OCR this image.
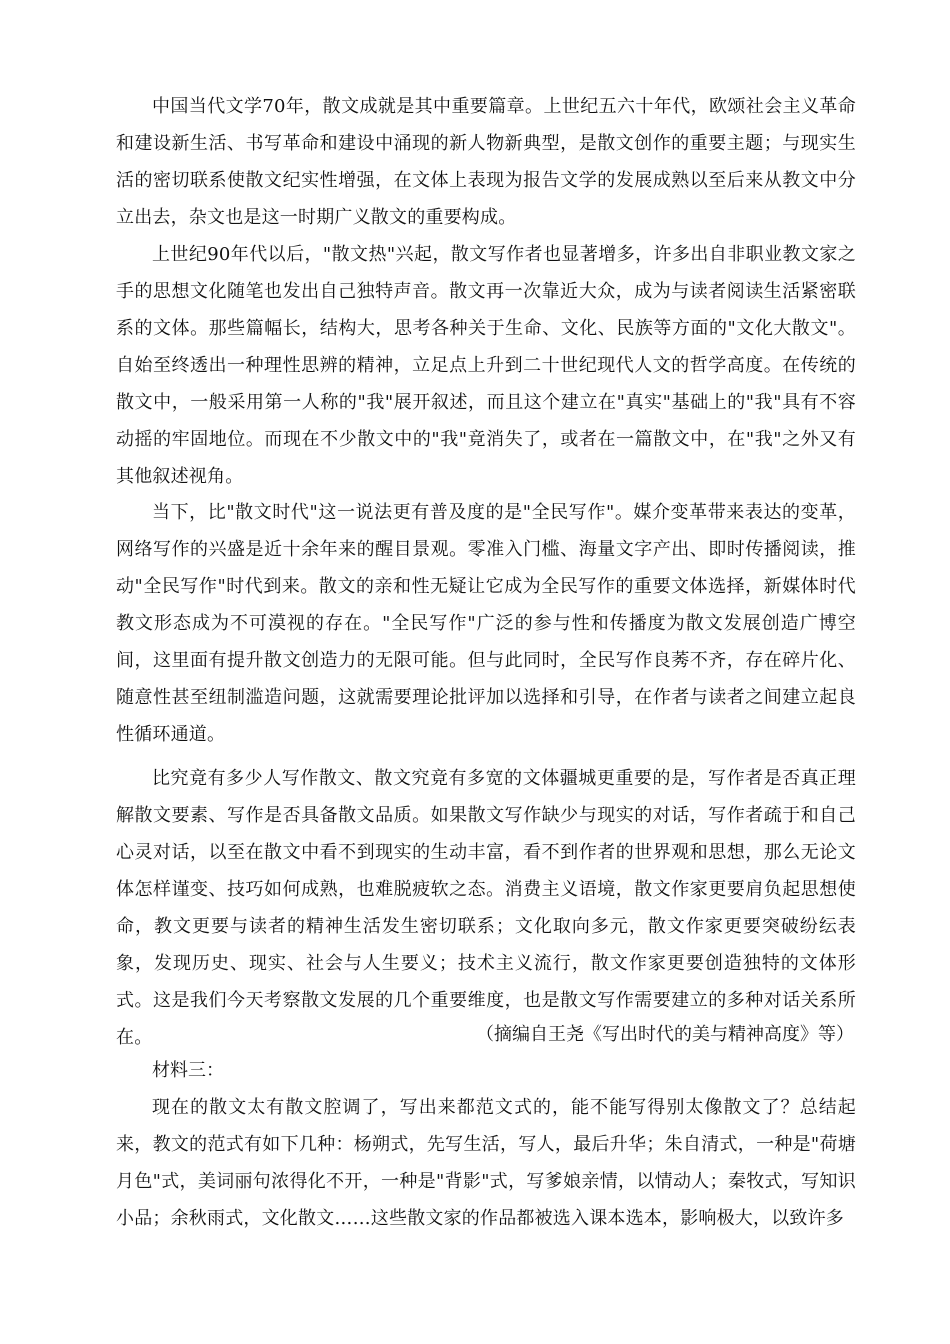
中国当代文学70年，散文成就是其中重要篇章。上世纪五六十年代，欧颂社会主义革命和建设新生活、书写革命和建设中涌现的新人物新典型，是散文创作的重要主题；与现实生活的密切联系使散文纪实性增强，在文体上表现为报告文学的发展成熟以至后来从教文中分立出去，杂文也是这一时期广义散文的重要构成。

上世纪90年代以后，"散文热"兴起，散文写作者也显著增多，许多出自非职业教文家之手的思想文化随笔也发出自己独特声音。散文再一次靠近大众，成为与读者阅读生活紧密联系的文体。那些篇幅长，结构大，思考各种关于生命、文化、民族等方面的"文化大散文"。自始至终透出一种理性思辨的精神，立足点上升到二十世纪现代人文的哲学高度。在传统的散文中，一般采用第一人称的"我"展开叙述，而且这个建立在"真实"基础上的"我"具有不容动摇的牢固地位。而现在不少散文中的"我"竟消失了，或者在一篇散文中，在"我"之外又有其他叙述视角。

当下，比"散文时代"这一说法更有普及度的是"全民写作"。媒介变革带来表达的变革，网络写作的兴盛是近十余年来的醒目景观。零准入门槛、海量文字产出、即时传播阅读，推动"全民写作"时代到来。散文的亲和性无疑让它成为全民写作的重要文体选择，新媒体时代教文形态成为不可漠视的存在。"全民写作"广泛的参与性和传播度为散文发展创造广博空间，这里面有提升散文创造力的无限可能。但与此同时，全民写作良莠不齐，存在碎片化、随意性甚至纽制滥造问题，这就需要理论批评加以选择和引导，在作者与读者之间建立起良性循环通道。

比究竟有多少人写作散文、散文究竟有多宽的文体疆城更重要的是，写作者是否真正理解散文要素、写作是否具备散文品质。如果散文写作缺少与现实的对话，写作者疏于和自己心灵对话，以至在散文中看不到现实的生动丰富，看不到作者的世界观和思想，那么无论文体怎样谨变、技巧如何成熟，也难脱疲软之态。消费主义语境，散文作家更要肩负起思想使命，教文更要与读者的精神生活发生密切联系；文化取向多元，散文作家更要突破纷纭表象，发现历史、现实、社会与人生要义；技术主义流行，散文作家更要创造独特的文体形式。这是我们今天考察散文发展的几个重要维度，也是散文写作需要建立的多种对话关系所在。	（摘编自王尧《写出时代的美与精神高度》等）

材料三：

现在的散文太有散文腔调了，写出来都范文式的，能不能写得别太像散文了？总结起来，教文的范式有如下几种：杨朔式，先写生活，写人，最后升华；朱自清式，一种是"荷塘月色"式，美词丽句浓得化不开，一种是"背影"式，写爹娘亲情，以情动人；秦牧式，写知识小品；余秋雨式，文化散文……这些散文家的作品都被选入课本选本，影响极大，以致许多
